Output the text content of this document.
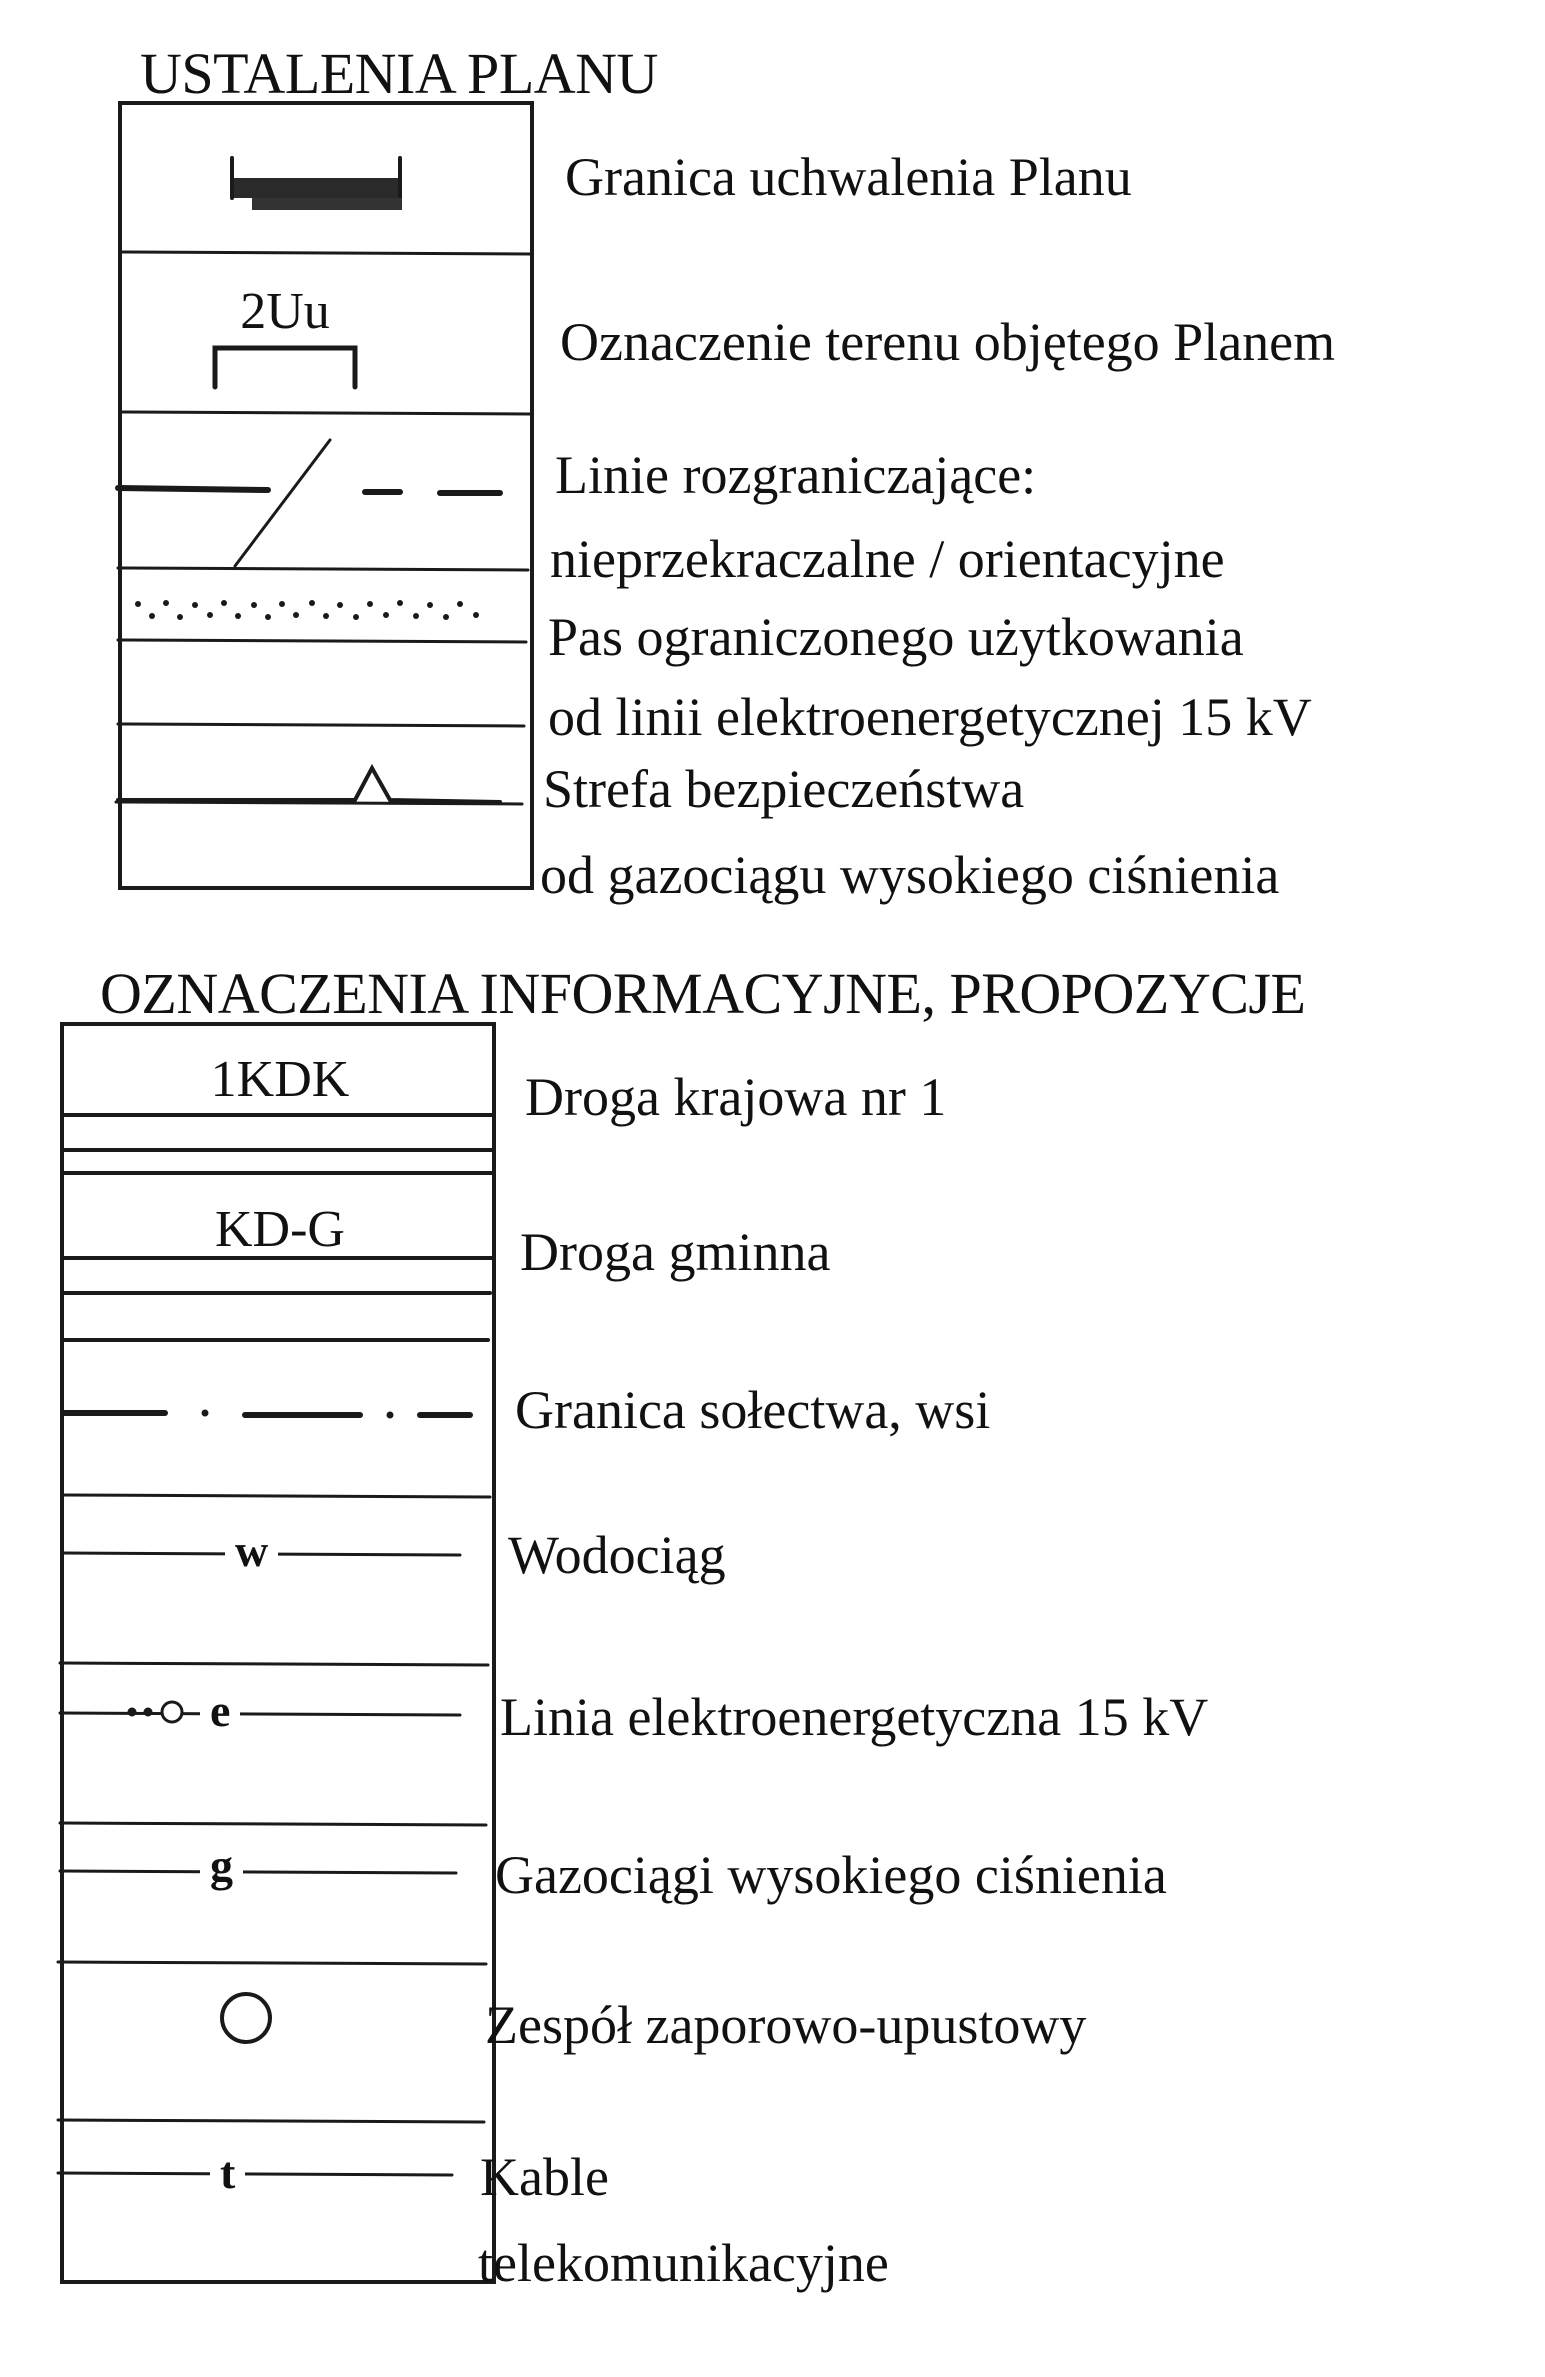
USTALENIA PLANU
2Uu
Granica uchwalenia Planu
Oznaczenie terenu objętego Planem
Linie rozgraniczające:
nieprzekraczalne / orientacyjne
Pas ograniczonego użytkowania
od linii elektroenergetycznej 15 kV
Strefa bezpieczeństwa
od gazociągu wysokiego ciśnienia
OZNACZENIA INFORMACYJNE, PROPOZYCJE
1KDK
KD-G
w
e
g
t
Droga krajowa nr 1
Droga gminna
Granica sołectwa, wsi
Wodociąg
Linia elektroenergetyczna 15 kV
Gazociągi wysokiego ciśnienia
Zespół zaporowo-upustowy
Kable
telekomunikacyjne
